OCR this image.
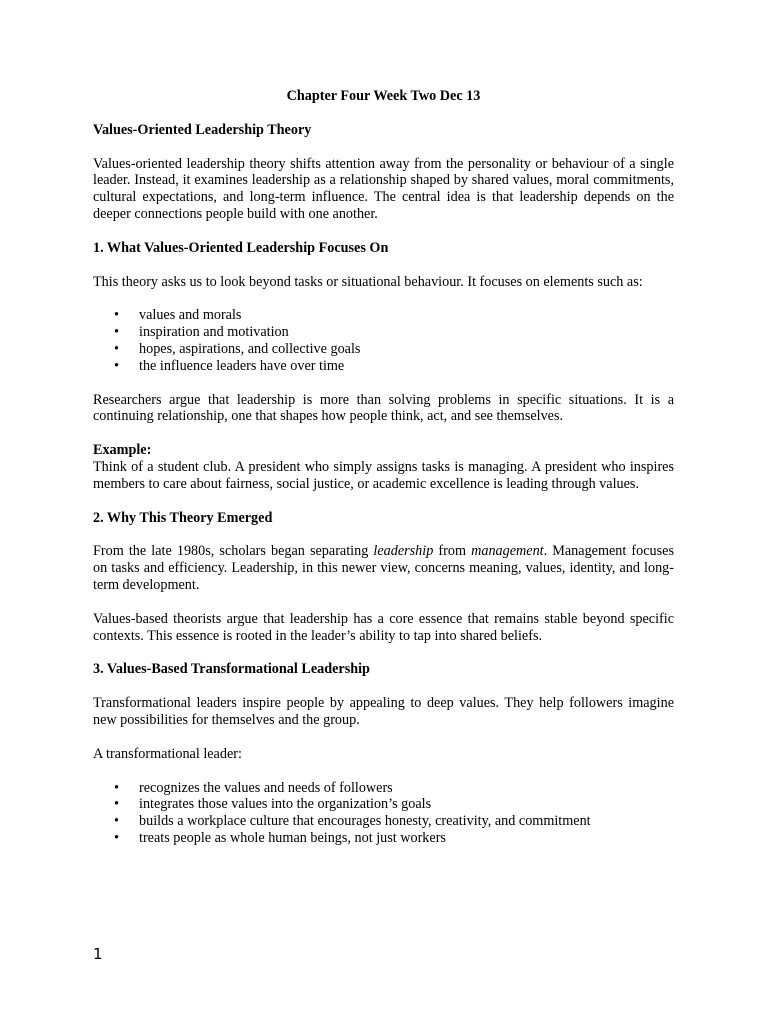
Chapter Four Week Two Dec 13
Values-Oriented Leadership Theory

Values-oriented leadership theory shifts attention away from the personality or behaviour of a single leader. Instead, it examines leadership as a relationship shaped by shared values, moral commitments, cultural expectations, and long-term influence. The central idea is that leadership depends on the deeper connections people build with one another.

1. What Values-Oriented Leadership Focuses On

This theory asks us to look beyond tasks or situational behaviour. It focuses on elements such as:

• values and morals
• inspiration and motivation
• hopes, aspirations, and collective goals
• the influence leaders have over time

Researchers argue that leadership is more than solving problems in specific situations. It is a continuing relationship, one that shapes how people think, act, and see themselves.

Example:
Think of a student club. A president who simply assigns tasks is managing. A president who inspires members to care about fairness, social justice, or academic excellence is leading through values.

2. Why This Theory Emerged

From the late 1980s, scholars began separating leadership from management. Management focuses on tasks and efficiency. Leadership, in this newer view, concerns meaning, values, identity, and long-term development.

Values-based theorists argue that leadership has a core essence that remains stable beyond specific contexts. This essence is rooted in the leader’s ability to tap into shared beliefs.

3. Values-Based Transformational Leadership

Transformational leaders inspire people by appealing to deep values. They help followers imagine new possibilities for themselves and the group.

A transformational leader:

• recognizes the values and needs of followers
• integrates those values into the organization’s goals
• builds a workplace culture that encourages honesty, creativity, and commitment
• treats people as whole human beings, not just workers
1
